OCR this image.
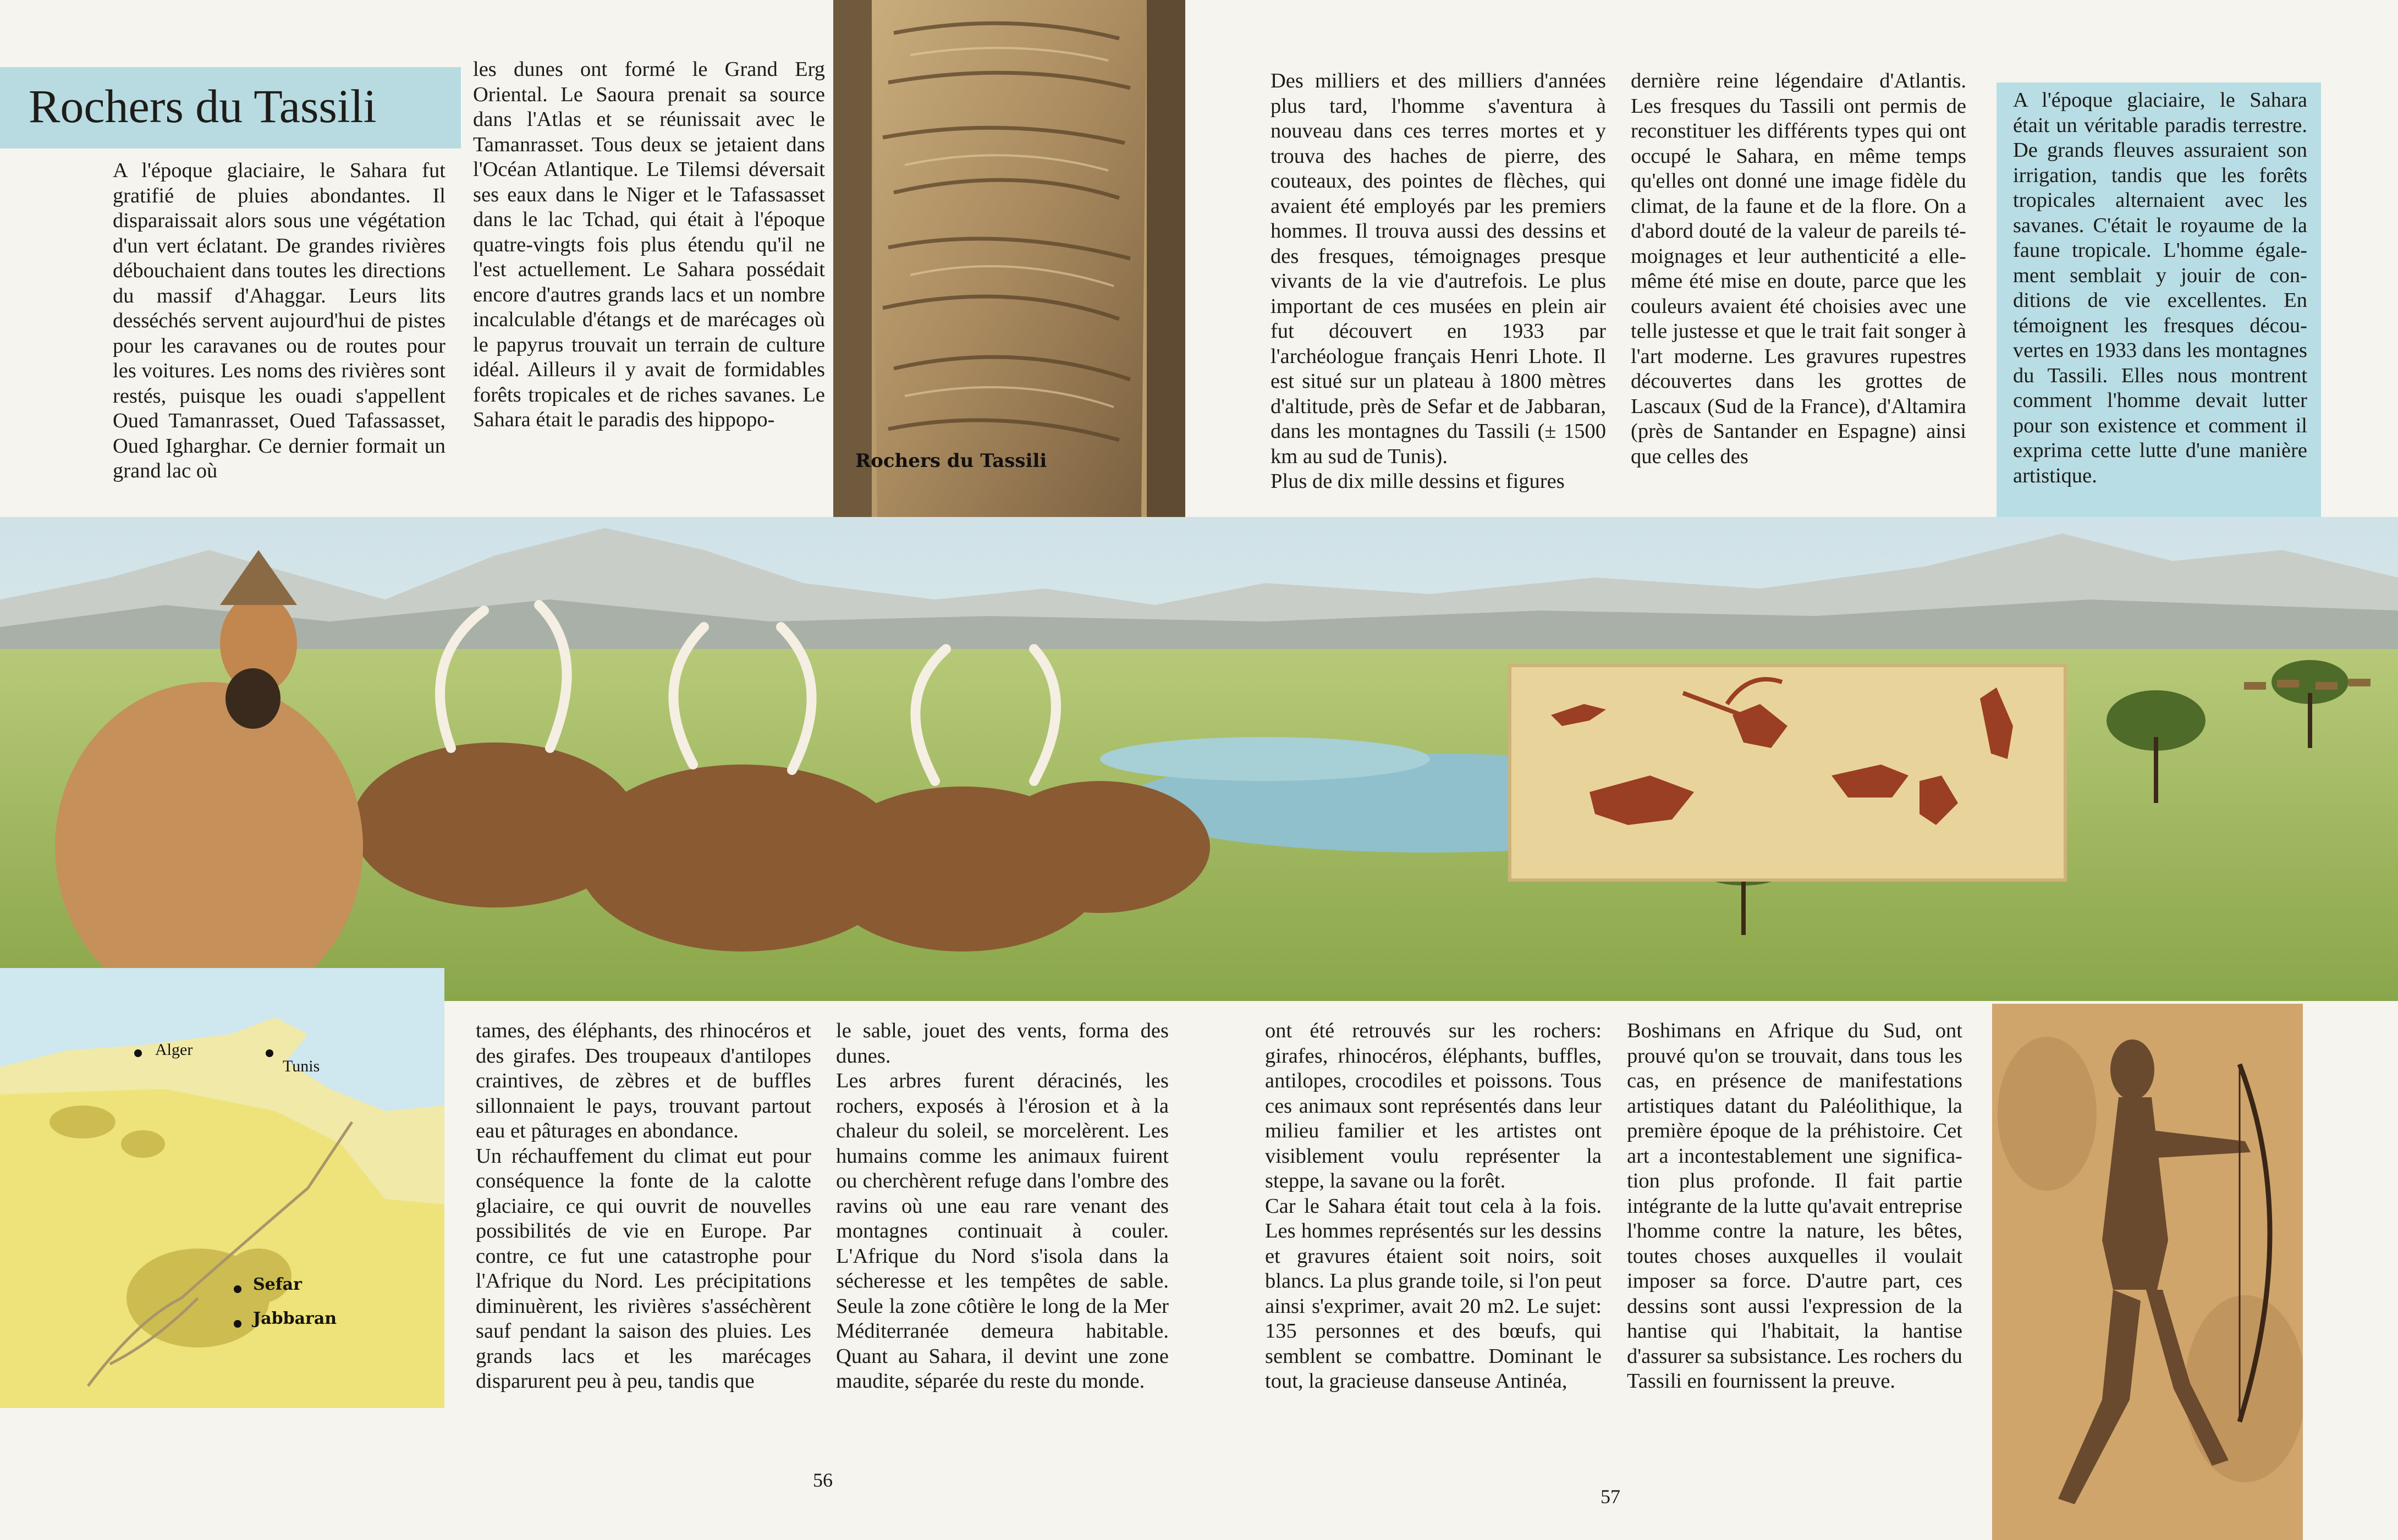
Rochers du Tassili

A l'époque glaciaire, le Sahara fut gratifié de pluies abondantes. Il disparaissait alors sous une végétation d'un vert éclatant. De grandes rivières débouchaient dans toutes les directions du massif d'Ahaggar. Leurs lits desséchés servent aujourd'hui de pistes pour les caravanes ou de routes pour les voitures. Les noms des rivières sont restés, puisque les ouadi s'appellent Oued Tamanrasset, Oued Tafassasset, Oued Igharghar. Ce dernier formait un grand lac où

les dunes ont formé le Grand Erg Oriental. Le Saoura prenait sa source dans l'Atlas et se réunissait avec le Tamanrasset. Tous deux se jetaient dans l'Océan Atlantique. Le Tilemsi déversait ses eaux dans le Niger et le Tafassasset dans le lac Tchad, qui était à l'époque quatre-vingts fois plus étendu qu'il ne l'est actuellement. Le Sahara possédait encore d'autres grands lacs et un nombre incalculable d'étangs et de marécages où le papyrus trouvait un terrain de culture idéal. Ailleurs il y avait de formidables forêts tropicales et de riches savanes. Le Sahara était le paradis des hippopo-

Rochers du Tassili

Des milliers et des milliers d'années plus tard, l'homme s'aventura à nouveau dans ces terres mortes et y trouva des haches de pierre, des couteaux, des pointes de flèches, qui avaient été employés par les premiers hommes. Il trouva aussi des dessins et des fresques, témoignages presque vivants de la vie d'autrefois. Le plus important de ces musées en plein air fut découvert en 1933 par l'archéologue français Henri Lhote. Il est situé sur un plateau à 1800 mètres d'altitude, près de Sefar et de Jabbaran, dans les montagnes du Tassili (± 1500 km au sud de Tunis).

Plus de dix mille dessins et figures

dernière reine légendaire d'Atlantis. Les fresques du Tassili ont permis de reconstituer les différents types qui ont occupé le Sahara, en même temps qu'elles ont donné une image fidèle du climat, de la faune et de la flore. On a d'abord douté de la valeur de pareils témoignages et leur authenticité a elle-même été mise en doute, parce que les couleurs avaient été choisies avec une telle justesse et que le trait fait songer à l'art moderne. Les gravures rupestres découvertes dans les grottes de Lascaux (Sud de la France), d'Altamira (près de Santander en Espagne) ainsi que celles des

A l'époque glaciaire, le Sahara était un véritable paradis terrestre. De grands fleuves assuraient son irrigation, tandis que les forêts tropicales alternaient avec les savanes. C'était le royaume de la faune tropicale. L'homme également semblait y jouir de conditions de vie excellentes. En témoignent les fresques découvertes en 1933 dans les montagnes du Tassili. Elles nous montrent comment l'homme devait lutter pour son existence et comment il exprima cette lutte d'une manière artistique.

Alger
Tunis
Sefar
Jabbaran

tames, des éléphants, des rhinocéros et des girafes. Des troupeaux d'antilopes craintives, de zèbres et de buffles sillonnaient le pays, trouvant partout eau et pâturages en abondance.

Un réchauffement du climat eut pour conséquence la fonte de la calotte glaciaire, ce qui ouvrit de nouvelles possibilités de vie en Europe. Par contre, ce fut une catastrophe pour l'Afrique du Nord. Les précipitations diminuèrent, les rivières s'asséchèrent sauf pendant la saison des pluies. Les grands lacs et les marécages disparurent peu à peu, tandis que

le sable, jouet des vents, forma des dunes.

Les arbres furent déracinés, les rochers, exposés à l'érosion et à la chaleur du soleil, se morcelèrent. Les humains comme les animaux fuirent ou cherchèrent refuge dans l'ombre des ravins où une eau rare venant des montagnes continuait à couler. L'Afrique du Nord s'isola dans la sécheresse et les tempêtes de sable. Seule la zone côtière le long de la Mer Méditerranée demeura habitable. Quant au Sahara, il devint une zone maudite, séparée du reste du monde.

56

ont été retrouvés sur les rochers: girafes, rhinocéros, éléphants, buffles, antilopes, crocodiles et poissons. Tous ces animaux sont représentés dans leur milieu familier et les artistes ont visiblement voulu représenter la steppe, la savane ou la forêt.

Car le Sahara était tout cela à la fois. Les hommes représentés sur les dessins et gravures étaient soit noirs, soit blancs. La plus grande toile, si l'on peut ainsi s'exprimer, avait 20 m2. Le sujet: 135 personnes et des bœufs, qui semblent se combattre. Dominant le tout, la gracieuse danseuse Antinéa,

Boshimans en Afrique du Sud, ont prouvé qu'on se trouvait, dans tous les cas, en présence de manifestations artistiques datant du Paléolithique, la première époque de la préhistoire. Cet art a incontestablement une signification plus profonde. Il fait partie intégrante de la lutte qu'avait entreprise l'homme contre la nature, les bêtes, toutes choses auxquelles il voulait imposer sa force. D'autre part, ces dessins sont aussi l'expression de la hantise qui l'habitait, la hantise d'assurer sa subsistance. Les rochers du Tassili en fournissent la preuve.

57
